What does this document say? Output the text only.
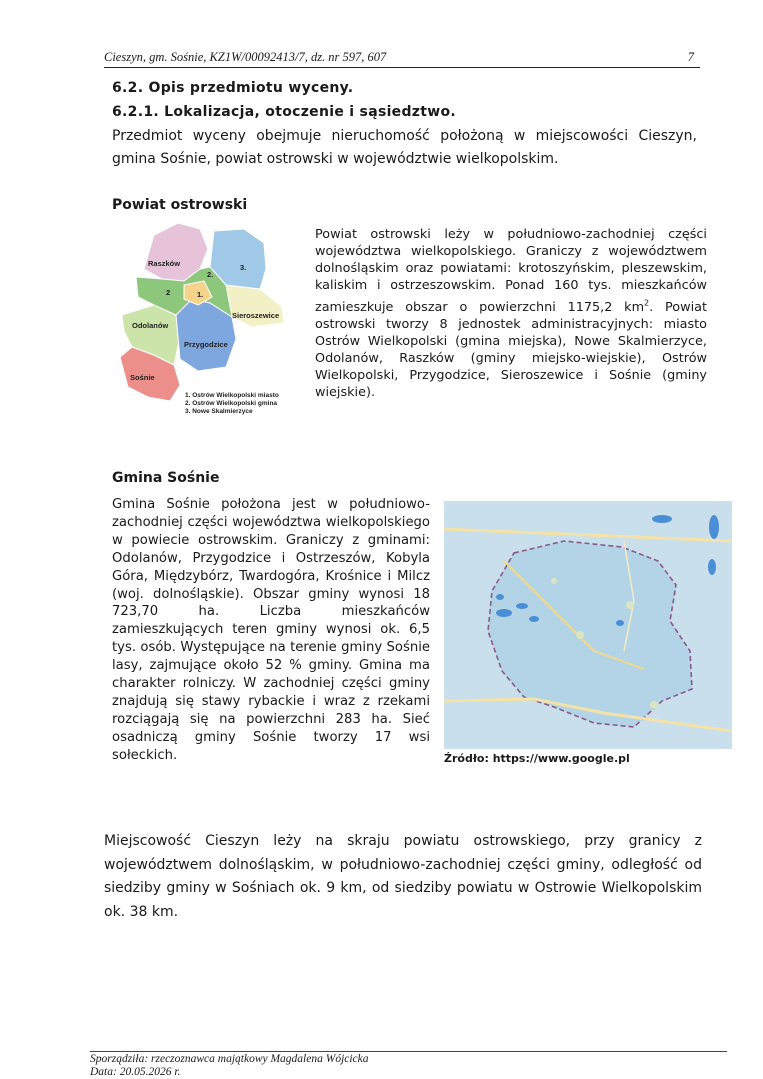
Cieszyn, gm. Sośnie, KZ1W/00092413/7, dz. nr 597, 607	7
6.2. Opis przedmiotu wyceny.
6.2.1. Lokalizacja, otoczenie i sąsiedztwo.
Przedmiot wyceny obejmuje nieruchomość położoną w miejscowości Cieszyn, gmina Sośnie, powiat ostrowski w województwie wielkopolskim.
Powiat ostrowski
Raszków
2.
3.
2	1.
Sieroszewice
Odolanów
Przygodzice
Sośnie
1. Ostrów Wielkopolski miasto
2. Ostrów Wielkopolski gmina
3. Nowe Skalmierzyce
Powiat ostrowski leży w południowo-zachodniej części województwa wielkopolskiego. Graniczy z województwem dolnośląskim oraz powiatami: krotoszyńskim, pleszewskim, kaliskim i ostrzeszowskim. Ponad 160 tys. mieszkańców zamieszkuje obszar o powierzchni 1175,2 $km^2$. Powiat ostrowski tworzy 8 jednostek administracyjnych: miasto Ostrów Wielkopolski (gmina miejska), Nowe Skalmierzyce, Odolanów, Raszków (gminy miejsko-wiejskie), Ostrów Wielkopolski, Przygodzice, Sieroszewice i Sośnie (gminy wiejskie).
Gmina Sośnie
Gmina Sośnie położona jest w południowo-zachodniej części województwa wielkopolskiego w powiecie ostrowskim. Graniczy z gminami: Odolanów, Przygodzice i Ostrzeszów, Kobyla Góra, Międzybórz, Twardogóra, Krośnice i Milcz (woj. dolnośląskie). Obszar gminy wynosi 18 723,70 ha. Liczba mieszkańców zamieszkujących teren gminy wynosi ok. 6,5 tys. osób. Występujące na terenie gminy Sośnie lasy, zajmujące około 52 % gminy. Gmina ma charakter rolniczy. W zachodniej części gminy znajdują się stawy rybackie i wraz z rzekami rozciągają się na powierzchni 283 ha. Sieć osadniczą gminy Sośnie tworzy 17 wsi sołeckich.	Źródło: https://www.google.pl
Miejscowość Cieszyn leży na skraju powiatu ostrowskiego, przy granicy z województwem dolnośląskim, w południowo-zachodniej części gminy, odległość od siedziby gminy w Sośniach ok. 9 km, od siedziby powiatu w Ostrowie Wielkopolskim ok. 38 km.
Sporządziła: rzeczoznawca majątkowy Magdalena Wójcicka
Data: 20.05.2026 r.
